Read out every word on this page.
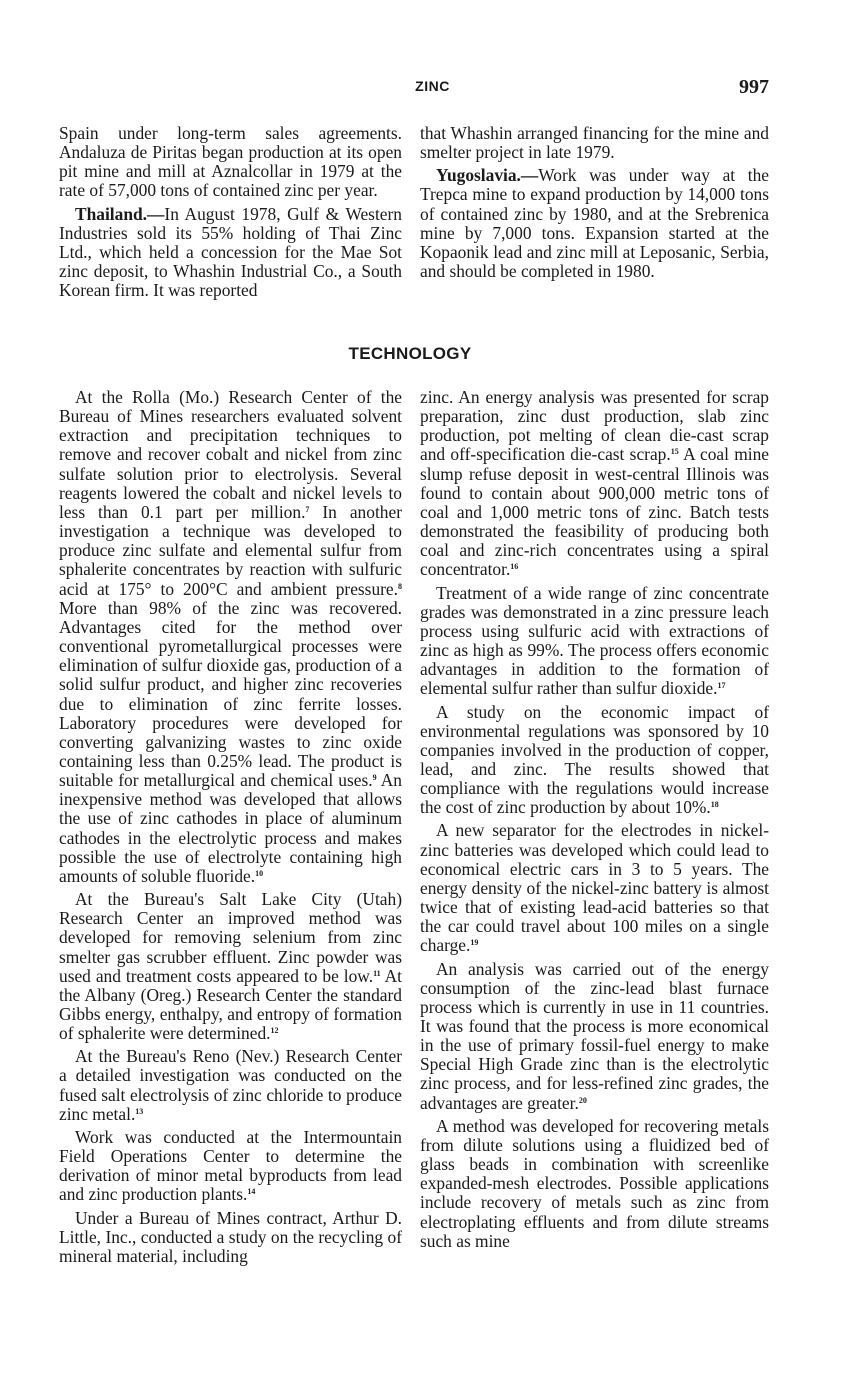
ZINC	997

Spain under long-term sales agreements. Andaluza de Piritas began production at its open pit mine and mill at Aznalcollar in 1979 at the rate of 57,000 tons of contained zinc per year.

Thailand.—In August 1978, Gulf & Western Industries sold its 55% holding of Thai Zinc Ltd., which held a concession for the Mae Sot zinc deposit, to Whashin Industrial Co., a South Korean firm. It was reported

that Whashin arranged financing for the mine and smelter project in late 1979.

Yugoslavia.—Work was under way at the Trepca mine to expand production by 14,000 tons of contained zinc by 1980, and at the Srebrenica mine by 7,000 tons. Expansion started at the Kopaonik lead and zinc mill at Leposanic, Serbia, and should be completed in 1980.

TECHNOLOGY

At the Rolla (Mo.) Research Center of the Bureau of Mines researchers evaluated solvent extraction and precipitation techniques to remove and recover cobalt and nickel from zinc sulfate solution prior to electrolysis. Several reagents lowered the cobalt and nickel levels to less than 0.1 part per million.$^7$ In another investigation a technique was developed to produce zinc sulfate and elemental sulfur from sphalerite concentrates by reaction with sulfuric acid at 175° to 200°C and ambient pressure.$^8$ More than 98% of the zinc was recovered. Advantages cited for the method over conventional pyrometallurgical processes were elimination of sulfur dioxide gas, production of a solid sulfur product, and higher zinc recoveries due to elimination of zinc ferrite losses. Laboratory procedures were developed for converting galvanizing wastes to zinc oxide containing less than 0.25% lead. The product is suitable for metallurgical and chemical uses.$^9$ An inexpensive method was developed that allows the use of zinc cathodes in place of aluminum cathodes in the electrolytic process and makes possible the use of electrolyte containing high amounts of soluble fluoride.$^{10}$

At the Bureau's Salt Lake City (Utah) Research Center an improved method was developed for removing selenium from zinc smelter gas scrubber effluent. Zinc powder was used and treatment costs appeared to be low.$^{11}$ At the Albany (Oreg.) Research Center the standard Gibbs energy, enthalpy, and entropy of formation of sphalerite were determined.$^{12}$

At the Bureau's Reno (Nev.) Research Center a detailed investigation was conducted on the fused salt electrolysis of zinc chloride to produce zinc metal.$^{13}$

Work was conducted at the Intermountain Field Operations Center to determine the derivation of minor metal byproducts from lead and zinc production plants.$^{14}$

Under a Bureau of Mines contract, Arthur D. Little, Inc., conducted a study on the recycling of mineral material, including

zinc. An energy analysis was presented for scrap preparation, zinc dust production, slab zinc production, pot melting of clean die-cast scrap and off-specification die-cast scrap.$^{15}$ A coal mine slump refuse deposit in west-central Illinois was found to contain about 900,000 metric tons of coal and 1,000 metric tons of zinc. Batch tests demonstrated the feasibility of producing both coal and zinc-rich concentrates using a spiral concentrator.$^{16}$

Treatment of a wide range of zinc concentrate grades was demonstrated in a zinc pressure leach process using sulfuric acid with extractions of zinc as high as 99%. The process offers economic advantages in addition to the formation of elemental sulfur rather than sulfur dioxide.$^{17}$

A study on the economic impact of environmental regulations was sponsored by 10 companies involved in the production of copper, lead, and zinc. The results showed that compliance with the regulations would increase the cost of zinc production by about 10%.$^{18}$

A new separator for the electrodes in nickel-zinc batteries was developed which could lead to economical electric cars in 3 to 5 years. The energy density of the nickel-zinc battery is almost twice that of existing lead-acid batteries so that the car could travel about 100 miles on a single charge.$^{19}$

An analysis was carried out of the energy consumption of the zinc-lead blast furnace process which is currently in use in 11 countries. It was found that the process is more economical in the use of primary fossil-fuel energy to make Special High Grade zinc than is the electrolytic zinc process, and for less-refined zinc grades, the advantages are greater.$^{20}$

A method was developed for recovering metals from dilute solutions using a fluidized bed of glass beads in combination with screenlike expanded-mesh electrodes. Possible applications include recovery of metals such as zinc from electroplating effluents and from dilute streams such as mine
